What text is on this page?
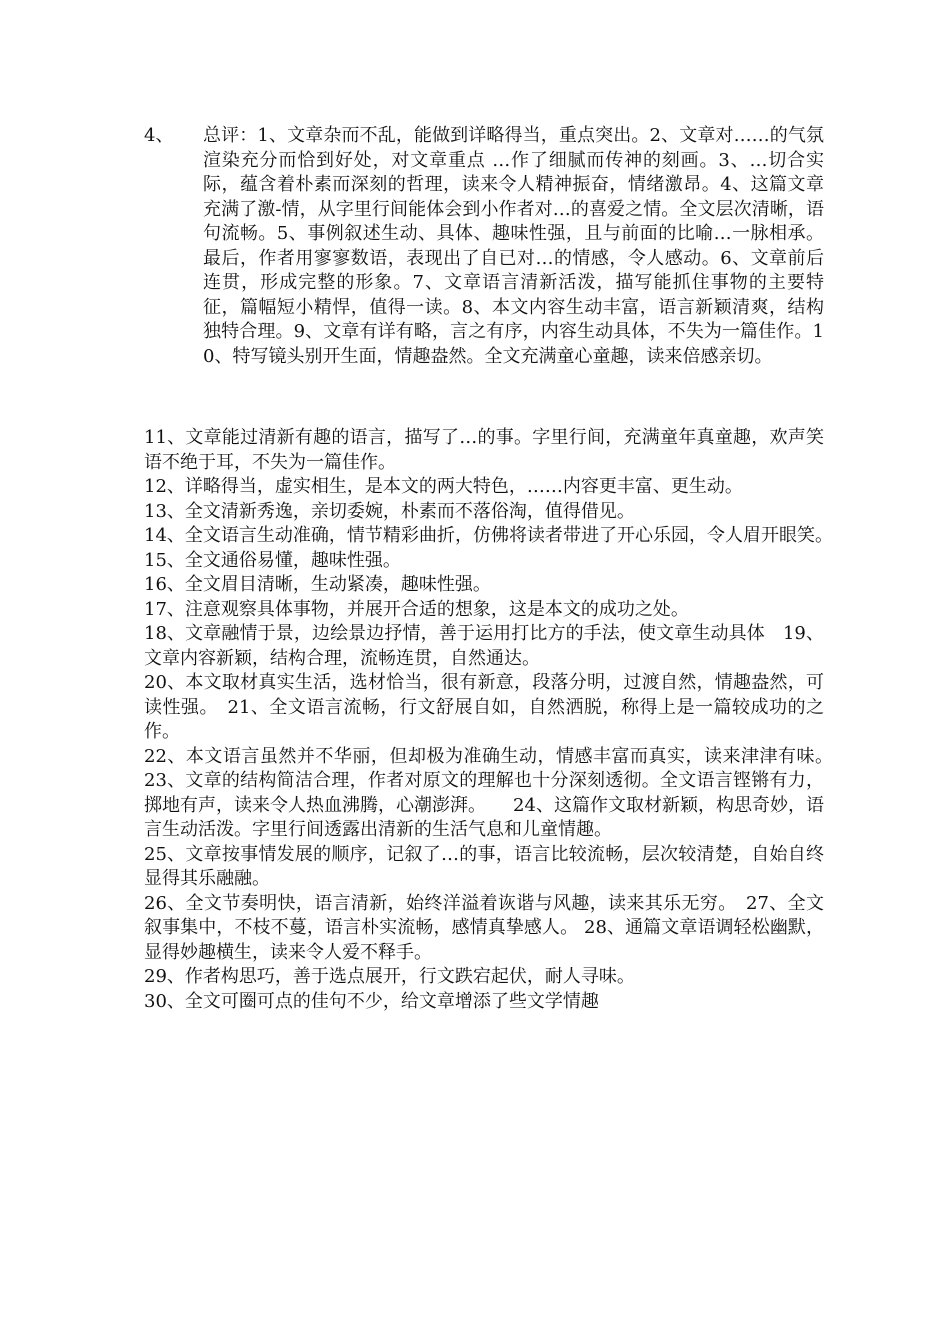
4、	总评：1、文章杂而不乱，能做到详略得当，重点突出。2、文章对……的气氛渲染充分而恰到好处，对文章重点 …作了细腻而传神的刻画。3、…切合实际，蕴含着朴素而深刻的哲理，读来令人精神振奋，情绪激昂。4、这篇文章充满了激-情，从字里行间能体会到小作者对…的喜爱之情。全文层次清晰，语句流畅。5、事例叙述生动、具体、趣味性强，且与前面的比喻…一脉相承。最后，作者用寥寥数语，表现出了自已对…的情感，令人感动。6、文章前后连贯，形成完整的形象。7、文章语言清新活泼，描写能抓住事物的主要特征，篇幅短小精悍，值得一读。8、本文内容生动丰富，语言新颖清爽，结构独特合理。9、文章有详有略，言之有序，内容生动具体，不失为一篇佳作。10、特写镜头别开生面，情趣盎然。全文充满童心童趣，读来倍感亲切。

11、文章能过清新有趣的语言，描写了…的事。字里行间，充满童年真童趣，欢声笑语不绝于耳，不失为一篇佳作。

12、详略得当，虚实相生，是本文的两大特色，……内容更丰富、更生动。

13、全文清新秀逸，亲切委婉，朴素而不落俗淘，值得借见。

14、全文语言生动准确，情节精彩曲折，仿佛将读者带进了开心乐园，令人眉开眼笑。　　15、全文通俗易懂，趣味性强。

16、全文眉目清晰，生动紧凑，趣味性强。

17、注意观察具体事物，并展开合适的想象，这是本文的成功之处。

18、文章融情于景，边绘景边抒情，善于运用打比方的手法，使文章生动具体　19、文章内容新颖，结构合理，流畅连贯，自然通达。

20、本文取材真实生活，选材恰当，很有新意，段落分明，过渡自然，情趣盎然，可读性强。　21、全文语言流畅，行文舒展自如，自然洒脱，称得上是一篇较成功的之作。

22、本文语言虽然并不华丽，但却极为准确生动，情感丰富而真实，读来津津有味。　23、文章的结构简洁合理，作者对原文的理解也十分深刻透彻。全文语言铿锵有力，掷地有声，读来令人热血沸腾，心潮澎湃。　　24、这篇作文取材新颖，构思奇妙，语言生动活泼。字里行间透露出清新的生活气息和儿童情趣。

25、文章按事情发展的顺序，记叙了…的事，语言比较流畅，层次较清楚，自始自终显得其乐融融。

26、全文节奏明快，语言清新，始终洋溢着诙谐与风趣，读来其乐无穷。　27、全文叙事集中，不枝不蔓，语言朴实流畅，感情真挚感人。 28、通篇文章语调轻松幽默，显得妙趣横生，读来令人爱不释手。

29、作者构思巧，善于选点展开，行文跌宕起伏，耐人寻味。

30、全文可圈可点的佳句不少，给文章增添了些文学情趣
